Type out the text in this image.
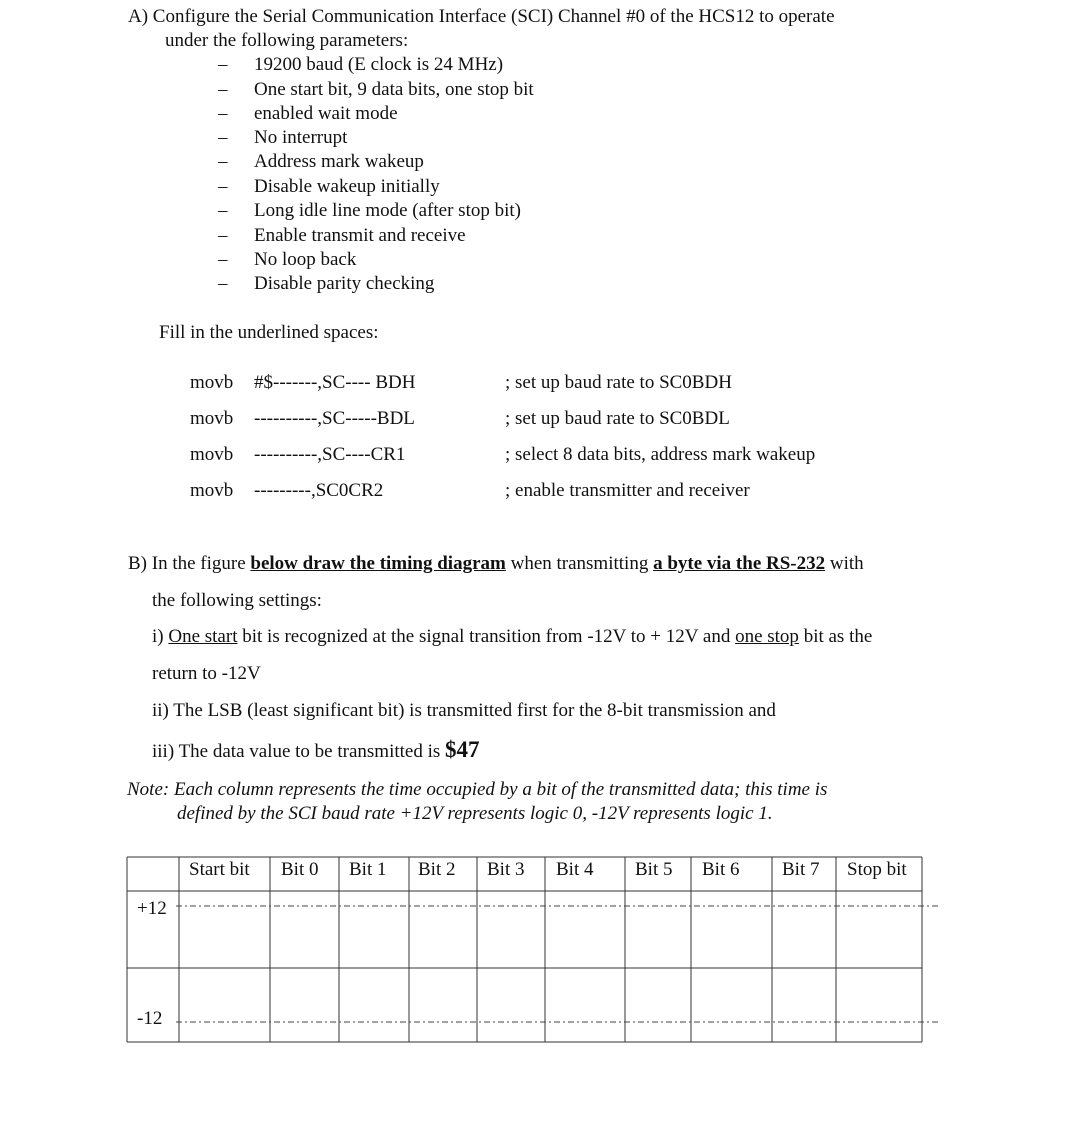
A) Configure the Serial Communication Interface (SCI) Channel #0 of the HCS12 to operate
under the following parameters:
– 19200 baud (E clock is 24 MHz)
– One start bit, 9 data bits, one stop bit
– enabled wait mode
– No interrupt
– Address mark wakeup
– Disable wakeup initially
– Long idle line mode (after stop bit)
– Enable transmit and receive
– No loop back
– Disable parity checking
Fill in the underlined spaces:
movb #$-------,SC---- BDH	; set up baud rate to SC0BDH
movb ----------,SC-----BDL	; set up baud rate to SC0BDL
movb ----------,SC----CR1	; select 8 data bits, address mark wakeup
movb ---------,SC0CR2	; enable transmitter and receiver
B) In the figure below draw the timing diagram when transmitting a byte via the RS-232 with
the following settings:
i) One start bit is recognized at the signal transition from -12V to + 12V and one stop bit as the
return to -12V
ii) The LSB (least significant bit) is transmitted first for the 8-bit transmission and
iii) The data value to be transmitted is $47
Note: Each column represents the time occupied by a bit of the transmitted data; this time is
defined by the SCI baud rate +12V represents logic 0, -12V represents logic 1.
Start bit Bit 0 Bit 1 Bit 2 Bit 3 Bit 4 Bit 5 Bit 6 Bit 7 Stop bit
+12
-12
